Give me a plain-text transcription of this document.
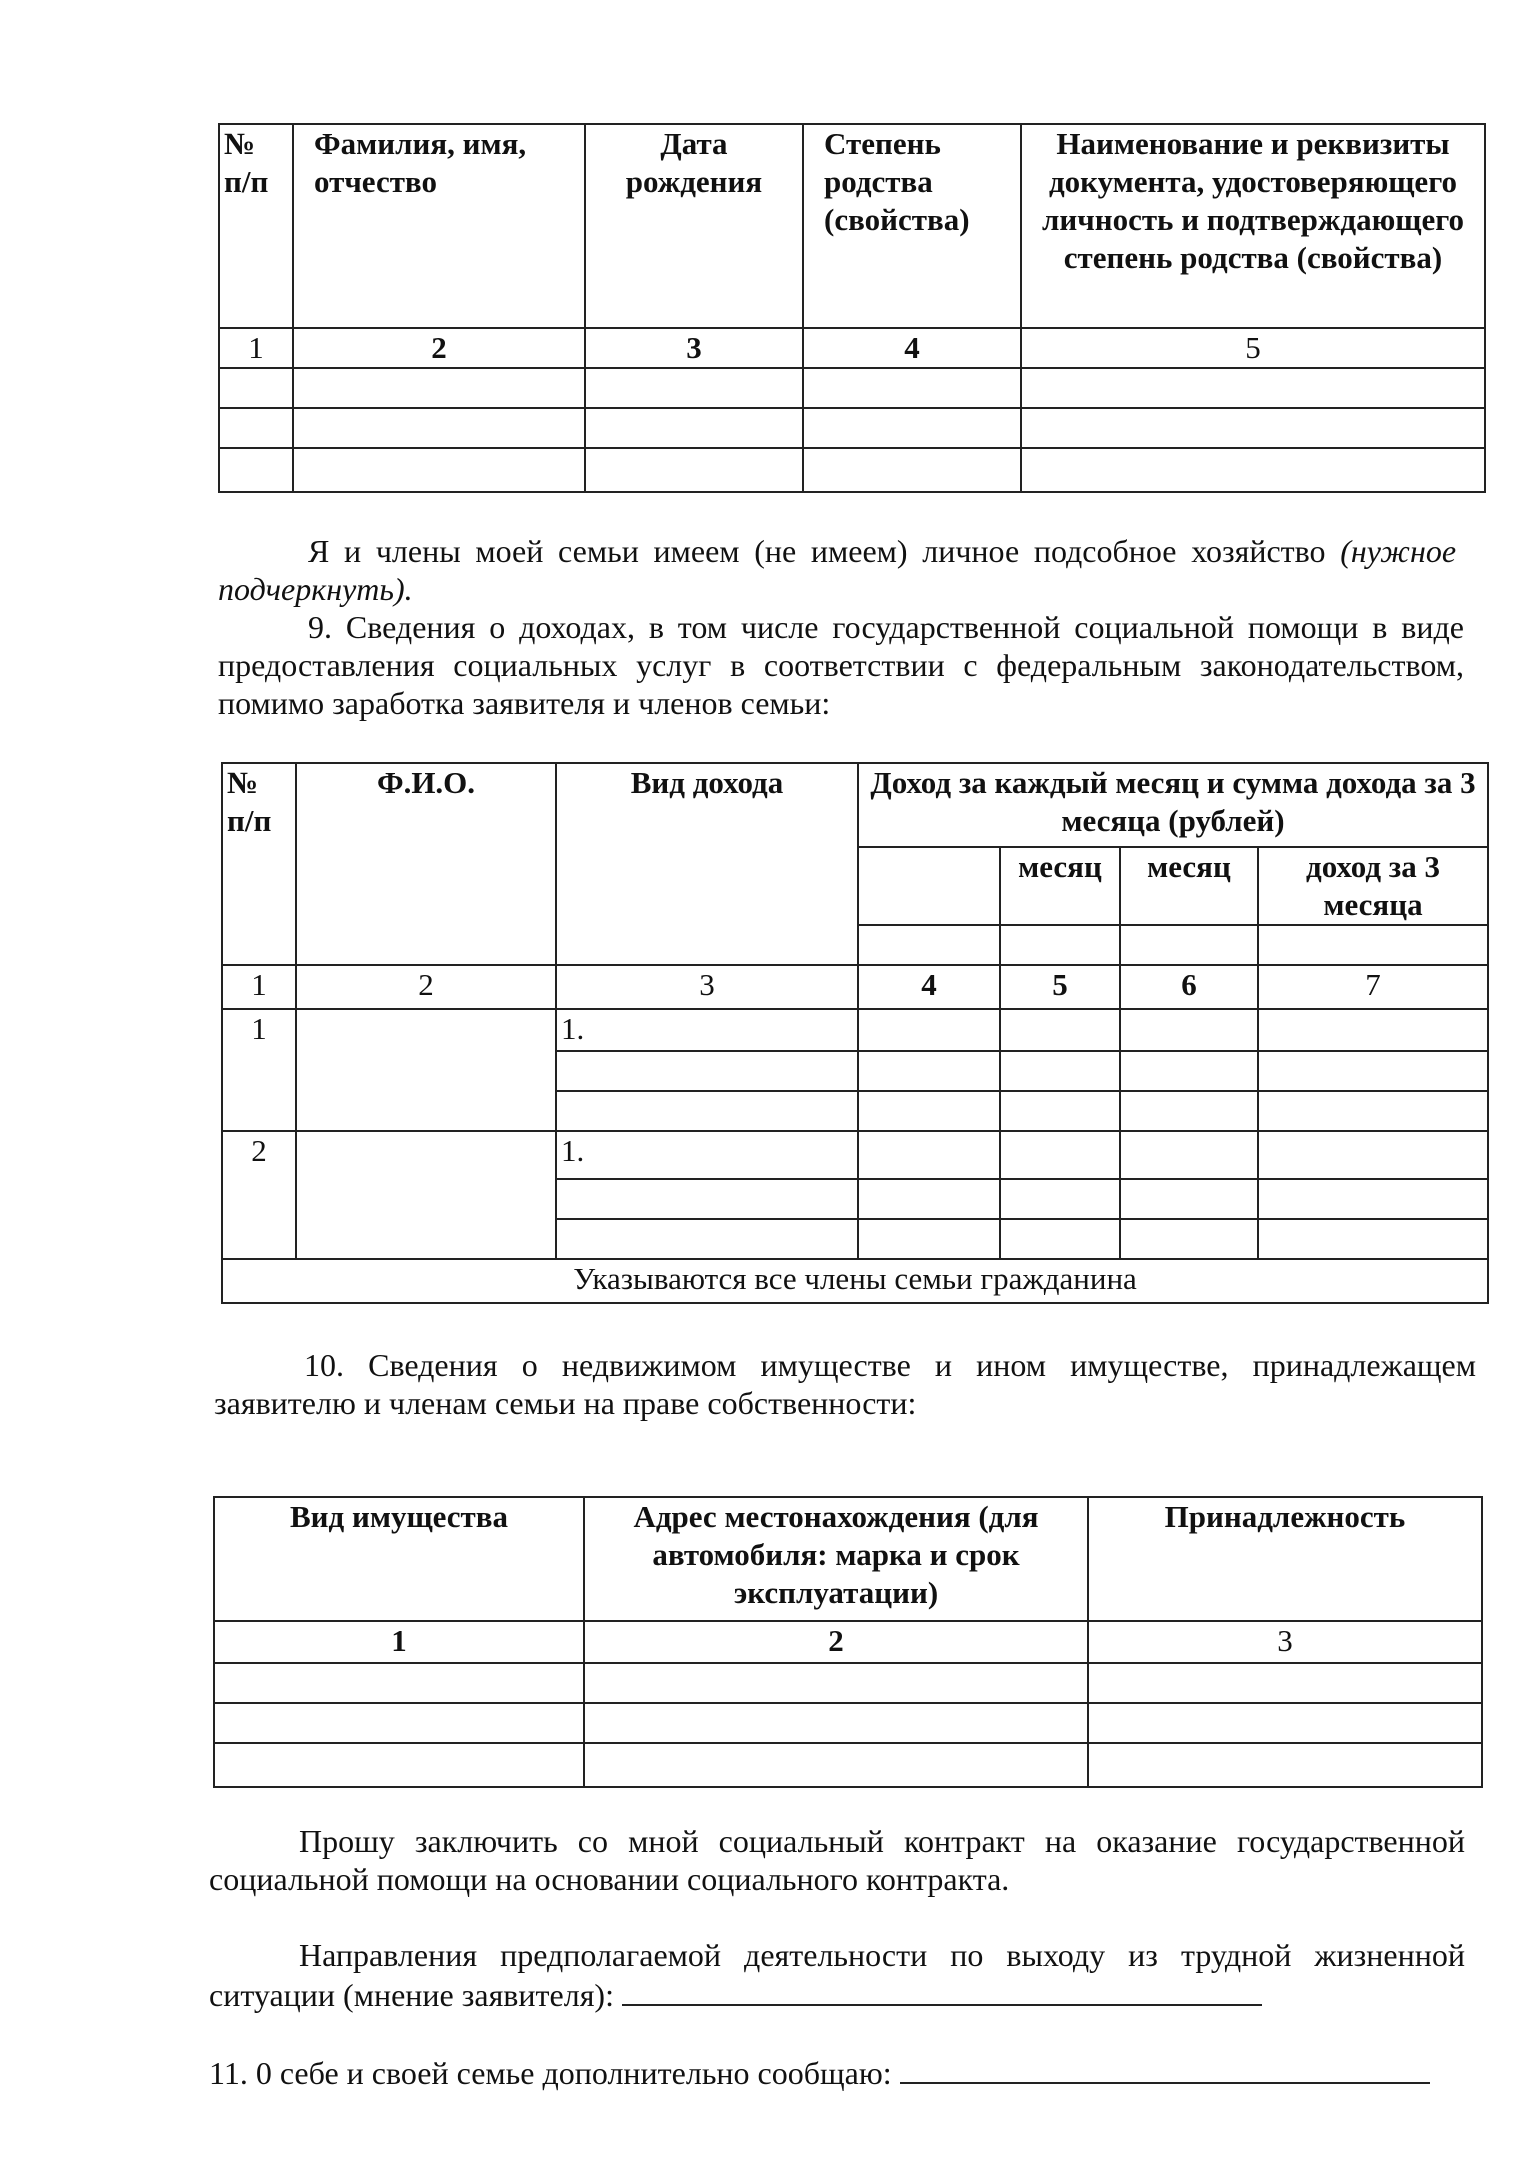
№ п/п	Фамилия, имя, отчество	Дата рождения	Степень родства (свойства)	Наименование и реквизиты документа, удостоверяющего личность и подтверждающего степень родства (свойства)
1	2	3	4	5

Я и члены моей семьи имеем (не имеем) личное подсобное хозяйство (нужное подчеркнуть).
9. Сведения о доходах, в том числе государственной социальной помощи в виде предоставления социальных услуг в соответствии с федеральным законодательством, помимо заработка заявителя и членов семьи:
№ п/п	Ф.И.О.	Вид дохода	Доход за каждый месяц и сумма дохода за 3 месяца (рублей)			
				месяц	месяц	доход за 3 месяца

1	2	3	4	5	6	7
1		1.				

2		1.				

Указываются все члены семьи гражданина						
10. Сведения о недвижимом имуществе и ином имуществе, принадлежащем заявителю и членам семьи на праве собственности:
Вид имущества	Адрес местонахождения (для автомобиля: марка и срок эксплуатации)	Принадлежность
1	2	3

Прошу заключить со мной социальный контракт на оказание государственной социальной помощи на основании социального контракта.
Направления предполагаемой деятельности по выходу из трудной жизненной ситуации (мнение заявителя):
11. 0 себе и своей семье дополнительно сообщаю:
